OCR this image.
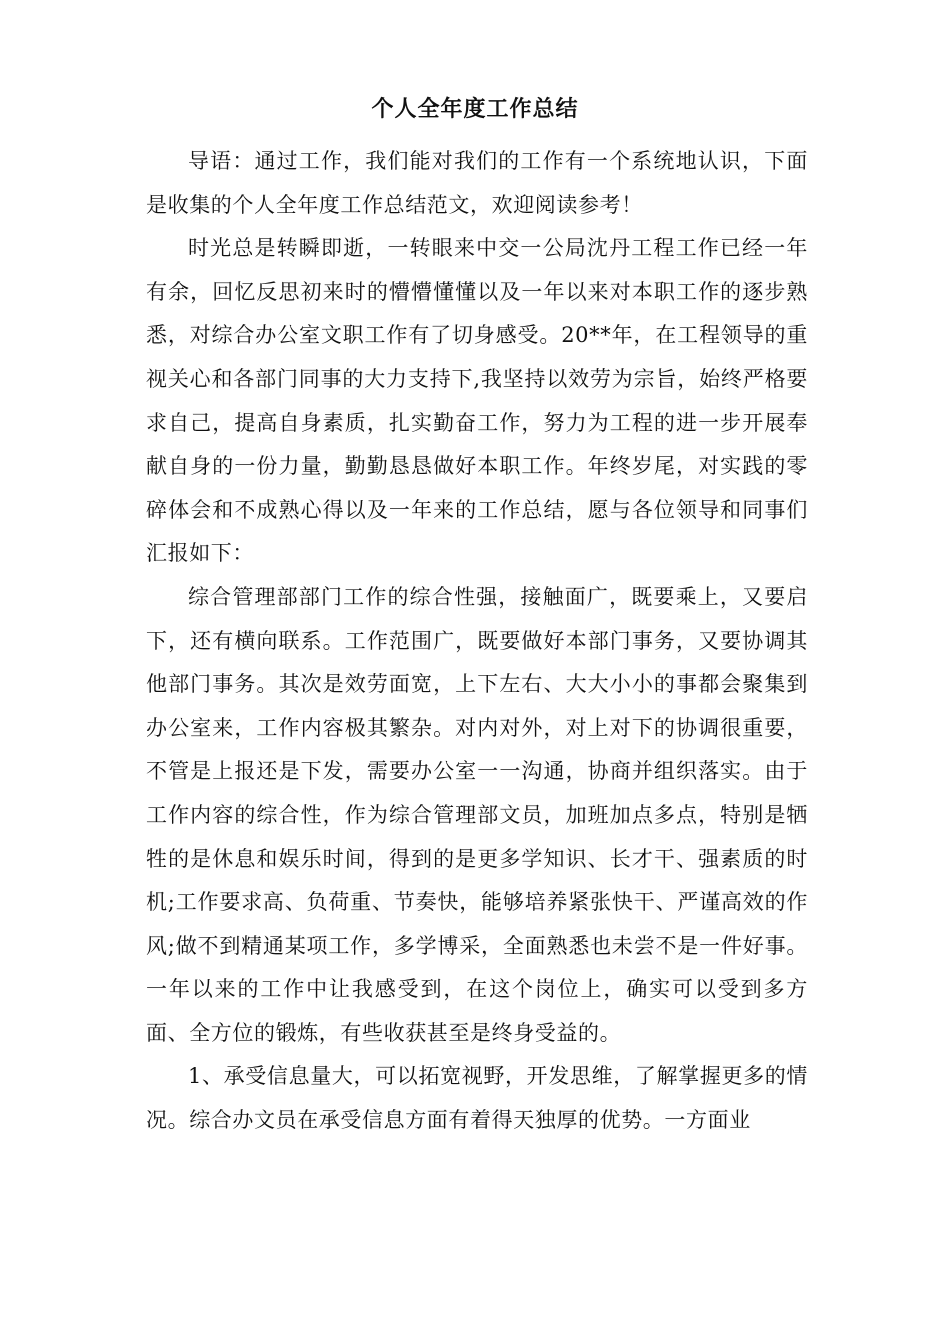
个人全年度工作总结

导语：通过工作，我们能对我们的工作有一个系统地认识，下面是收集的个人全年度工作总结范文，欢迎阅读参考！

时光总是转瞬即逝，一转眼来中交一公局沈丹工程工作已经一年有余，回忆反思初来时的懵懵懂懂以及一年以来对本职工作的逐步熟悉，对综合办公室文职工作有了切身感受。20**年，在工程领导的重视关心和各部门同事的大力支持下,我坚持以效劳为宗旨，始终严格要求自己，提高自身素质，扎实勤奋工作，努力为工程的进一步开展奉献自身的一份力量，勤勤恳恳做好本职工作。年终岁尾，对实践的零碎体会和不成熟心得以及一年来的工作总结，愿与各位领导和同事们汇报如下：

综合管理部部门工作的综合性强，接触面广，既要乘上，又要启下，还有横向联系。工作范围广，既要做好本部门事务，又要协调其他部门事务。其次是效劳面宽，上下左右、大大小小的事都会聚集到办公室来，工作内容极其繁杂。对内对外，对上对下的协调很重要，不管是上报还是下发，需要办公室一一沟通，协商并组织落实。由于工作内容的综合性，作为综合管理部文员，加班加点多点，特别是牺牲的是休息和娱乐时间，得到的是更多学知识、长才干、强素质的时机;工作要求高、负荷重、节奏快，能够培养紧张快干、严谨高效的作风;做不到精通某项工作，多学博采，全面熟悉也未尝不是一件好事。一年以来的工作中让我感受到，在这个岗位上，确实可以受到多方面、全方位的锻炼，有些收获甚至是终身受益的。

1、承受信息量大，可以拓宽视野，开发思维，了解掌握更多的情况。综合办文员在承受信息方面有着得天独厚的优势。一方面业
